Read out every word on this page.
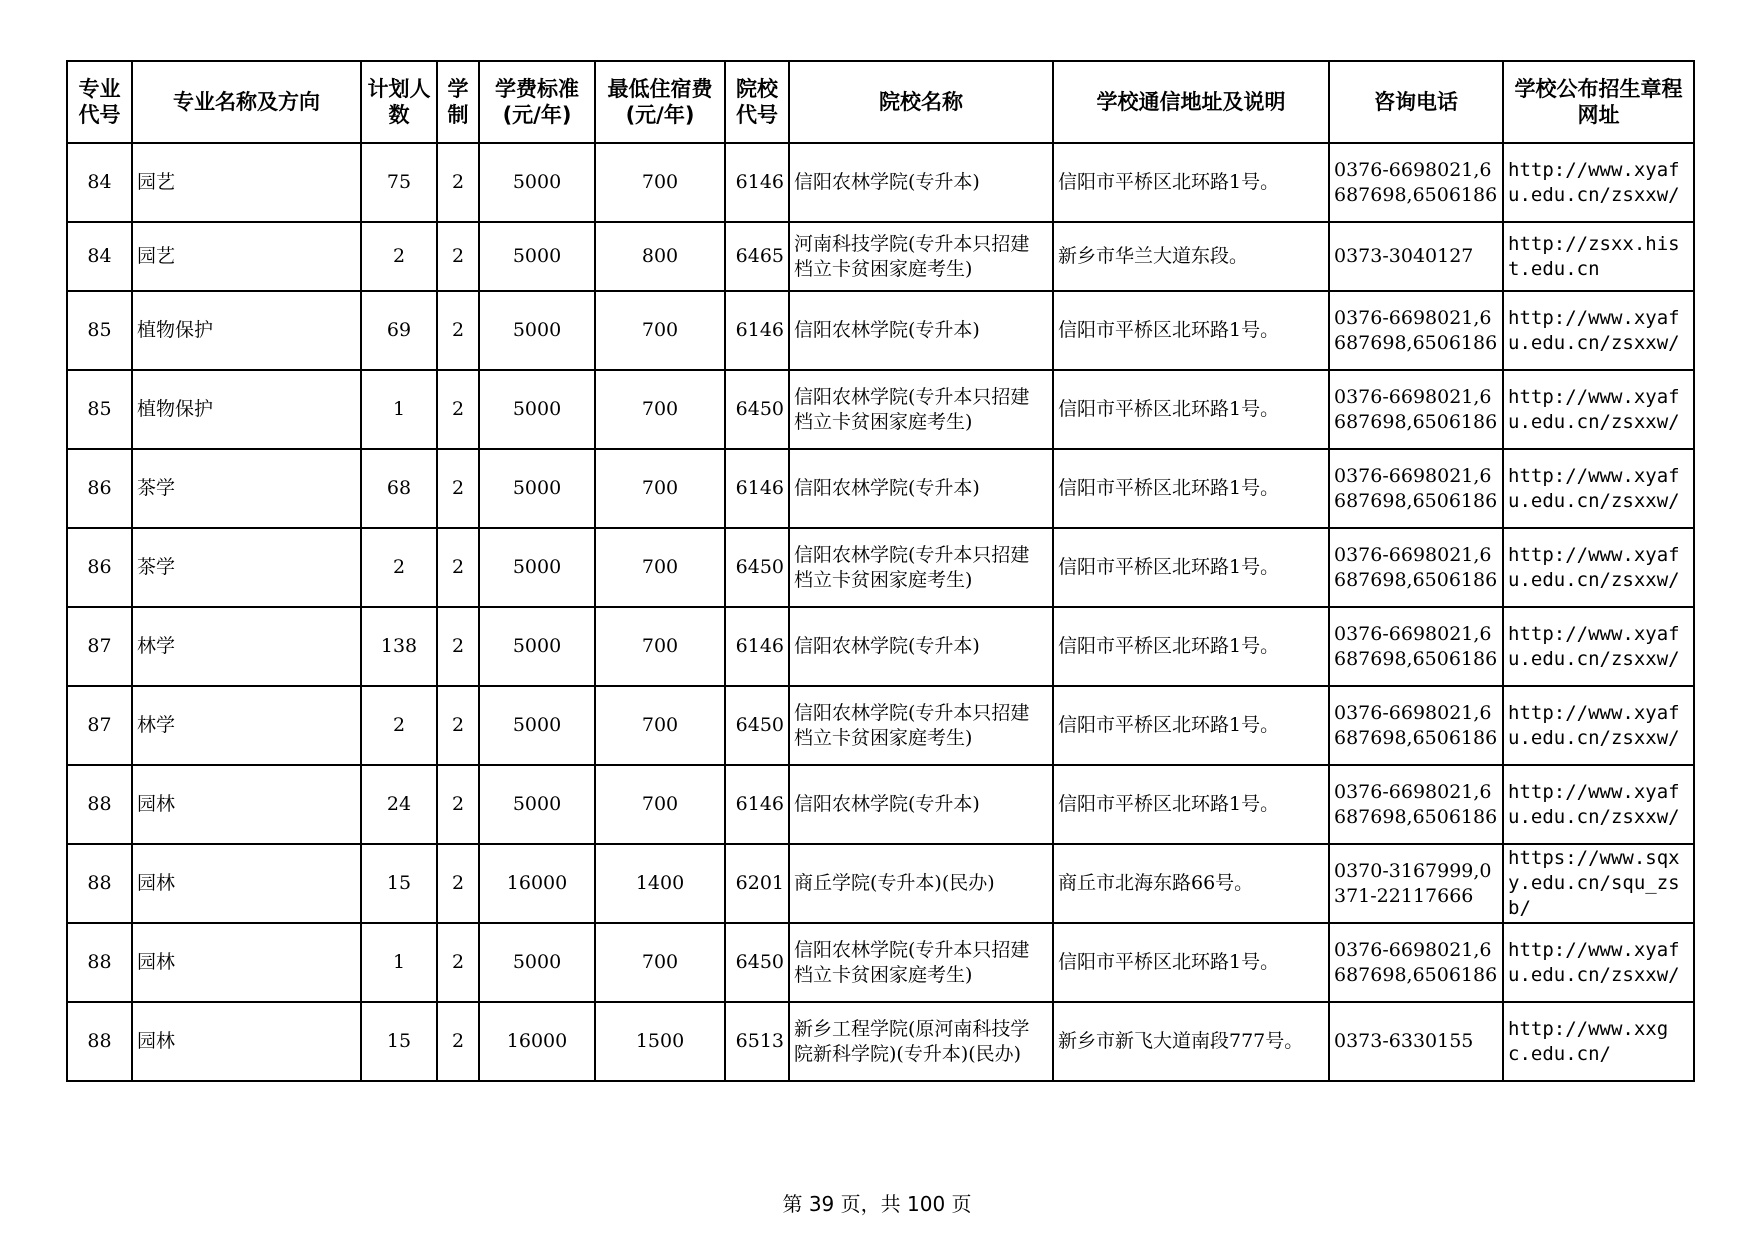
专业代号	专业名称及方向	计划人数	学制	学费标准(元/年)	最低住宿费(元/年)	院校代号	院校名称	学校通信地址及说明	咨询电话	学校公布招生章程网址
84	园艺	75	2	5000	700	6146	信阳农林学院(专升本)	信阳市平桥区北环路1号。	0376-6698021,6687698,6506186	http://www.xyafu.edu.cn/zsxxw/
84	园艺	2	2	5000	800	6465	河南科技学院(专升本只招建档立卡贫困家庭考生)	新乡市华兰大道东段。	0373-3040127	http://zsxx.hist.edu.cn
85	植物保护	69	2	5000	700	6146	信阳农林学院(专升本)	信阳市平桥区北环路1号。	0376-6698021,6687698,6506186	http://www.xyafu.edu.cn/zsxxw/
85	植物保护	1	2	5000	700	6450	信阳农林学院(专升本只招建档立卡贫困家庭考生)	信阳市平桥区北环路1号。	0376-6698021,6687698,6506186	http://www.xyafu.edu.cn/zsxxw/
86	茶学	68	2	5000	700	6146	信阳农林学院(专升本)	信阳市平桥区北环路1号。	0376-6698021,6687698,6506186	http://www.xyafu.edu.cn/zsxxw/
86	茶学	2	2	5000	700	6450	信阳农林学院(专升本只招建档立卡贫困家庭考生)	信阳市平桥区北环路1号。	0376-6698021,6687698,6506186	http://www.xyafu.edu.cn/zsxxw/
87	林学	138	2	5000	700	6146	信阳农林学院(专升本)	信阳市平桥区北环路1号。	0376-6698021,6687698,6506186	http://www.xyafu.edu.cn/zsxxw/
87	林学	2	2	5000	700	6450	信阳农林学院(专升本只招建档立卡贫困家庭考生)	信阳市平桥区北环路1号。	0376-6698021,6687698,6506186	http://www.xyafu.edu.cn/zsxxw/
88	园林	24	2	5000	700	6146	信阳农林学院(专升本)	信阳市平桥区北环路1号。	0376-6698021,6687698,6506186	http://www.xyafu.edu.cn/zsxxw/
88	园林	15	2	16000	1400	6201	商丘学院(专升本)(民办)	商丘市北海东路66号。	0370-3167999,0371-22117666	https://www.sqxy.edu.cn/squ_zsb/
88	园林	1	2	5000	700	6450	信阳农林学院(专升本只招建档立卡贫困家庭考生)	信阳市平桥区北环路1号。	0376-6698021,6687698,6506186	http://www.xyafu.edu.cn/zsxxw/
88	园林	15	2	16000	1500	6513	新乡工程学院(原河南科技学院新科学院)(专升本)(民办)	新乡市新飞大道南段777号。	0373-6330155	http://www.xxgc.edu.cn/
第 39 页，共 100 页
